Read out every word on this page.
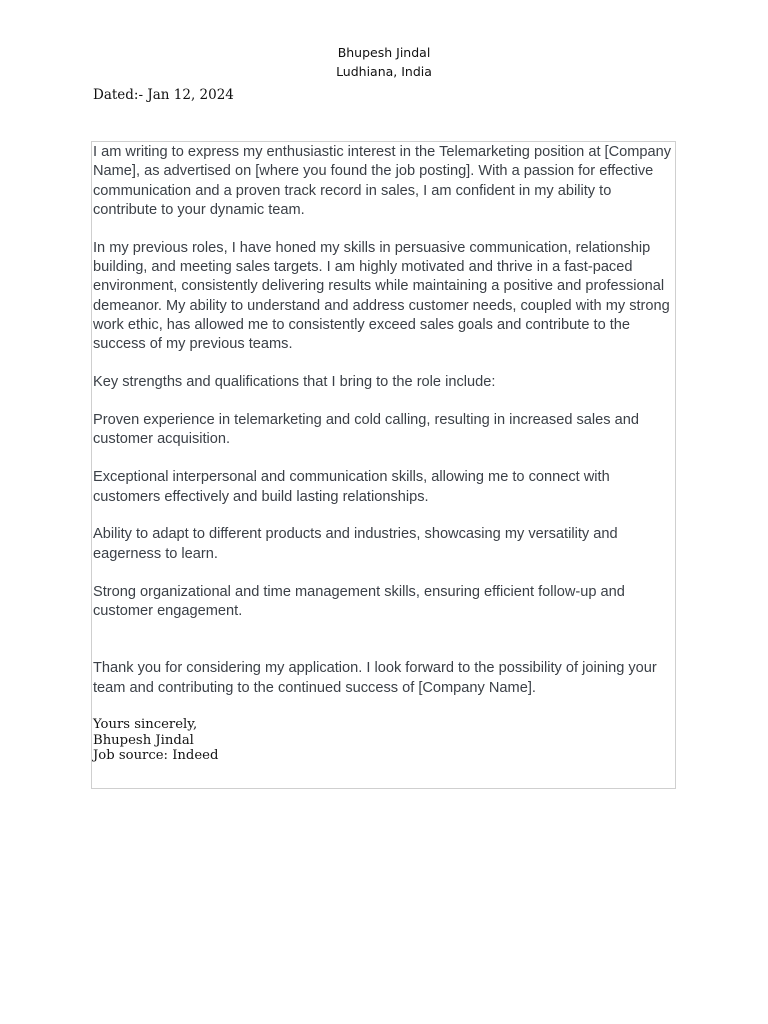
Bhupesh Jindal
Ludhiana, India
Dated:- Jan 12, 2024

I am writing to express my enthusiastic interest in the Telemarketing position at [Company Name], as advertised on [where you found the job posting]. With a passion for effective communication and a proven track record in sales, I am confident in my ability to contribute to your dynamic team.

In my previous roles, I have honed my skills in persuasive communication, relationship building, and meeting sales targets. I am highly motivated and thrive in a fast-paced environment, consistently delivering results while maintaining a positive and professional demeanor. My ability to understand and address customer needs, coupled with my strong work ethic, has allowed me to consistently exceed sales goals and contribute to the success of my previous teams.

Key strengths and qualifications that I bring to the role include:

Proven experience in telemarketing and cold calling, resulting in increased sales and customer acquisition.

Exceptional interpersonal and communication skills, allowing me to connect with customers effectively and build lasting relationships.

Ability to adapt to different products and industries, showcasing my versatility and eagerness to learn.

Strong organizational and time management skills, ensuring efficient follow-up and customer engagement.

Thank you for considering my application. I look forward to the possibility of joining your team and contributing to the continued success of [Company Name].

Yours sincerely,
Bhupesh Jindal
Job source: Indeed
